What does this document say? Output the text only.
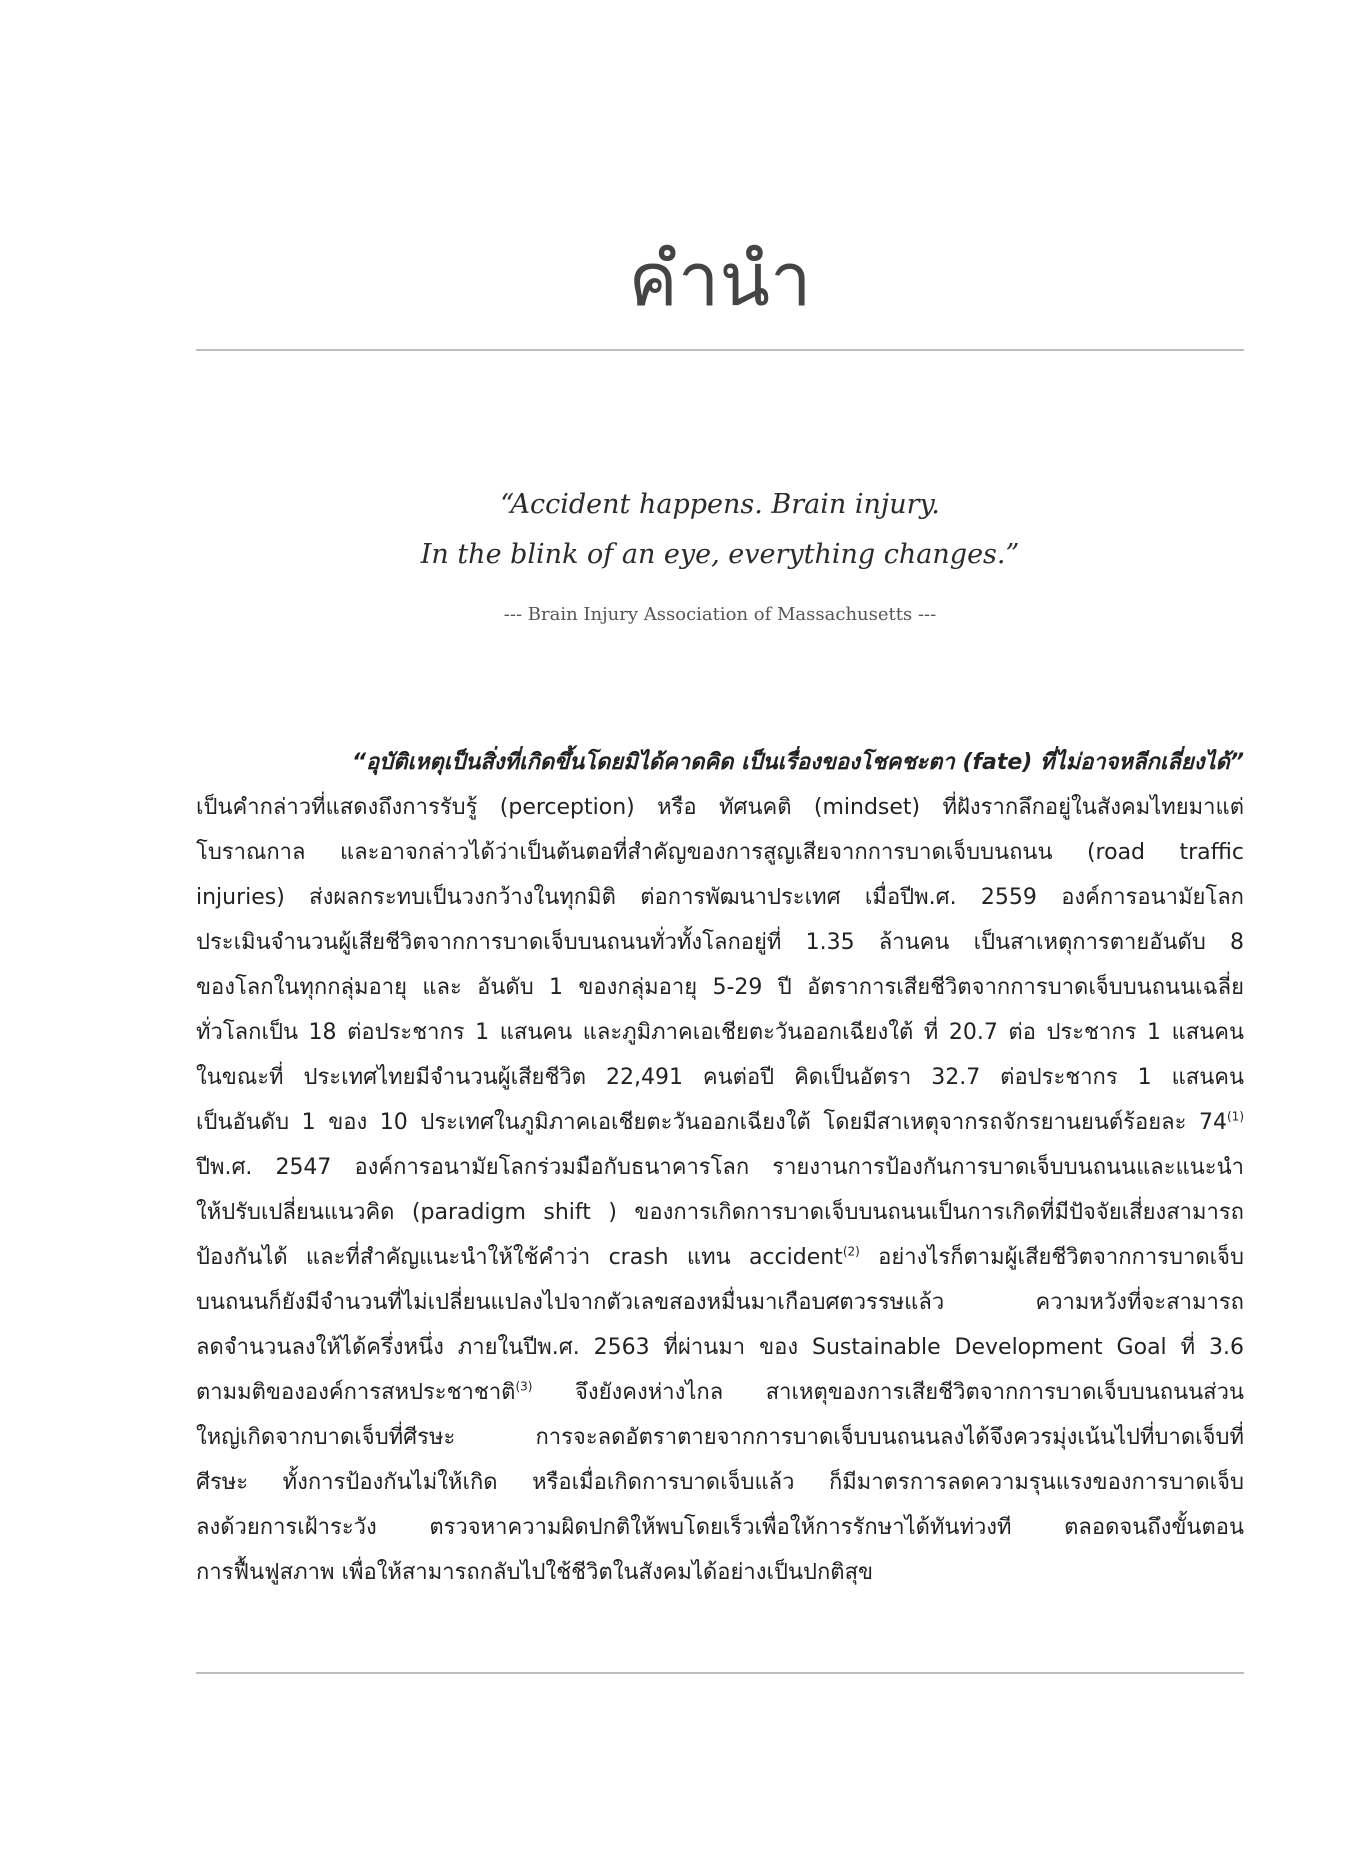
คำนำ
“Accident happens. Brain injury.
In the blink of an eye, everything changes.”
--- Brain Injury Association of Massachusetts ---
“อุบัติเหตุเป็นสิ่งที่เกิดขึ้นโดยมิได้คาดคิด เป็นเรื่องของโชคชะตา (fate) ที่ไม่อาจหลีกเลี่ยงได้”
เป็นคำกล่าวที่แสดงถึงการรับรู้ (perception) หรือ ทัศนคติ (mindset) ที่ฝังรากลึกอยู่ในสังคมไทยมาแต่
โบราณกาล และอาจกล่าวได้ว่าเป็นต้นตอที่สำคัญของการสูญเสียจากการบาดเจ็บบนถนน (road traffic
injuries) ส่งผลกระทบเป็นวงกว้างในทุกมิติ ต่อการพัฒนาประเทศ เมื่อปีพ.ศ. 2559 องค์การอนามัยโลก
ประเมินจำนวนผู้เสียชีวิตจากการบาดเจ็บบนถนนทั่วทั้งโลกอยู่ที่ 1.35 ล้านคน เป็นสาเหตุการตายอันดับ 8
ของโลกในทุกกลุ่มอายุ และ อันดับ 1 ของกลุ่มอายุ 5-29 ปี อัตราการเสียชีวิตจากการบาดเจ็บบนถนนเฉลี่ย
ทั่วโลกเป็น 18 ต่อประชากร 1 แสนคน และภูมิภาคเอเชียตะวันออกเฉียงใต้ ที่ 20.7 ต่อ ประชากร 1 แสนคน
ในขณะที่ ประเทศไทยมีจำนวนผู้เสียชีวิต 22,491 คนต่อปี คิดเป็นอัตรา 32.7 ต่อประชากร 1 แสนคน
เป็นอันดับ 1 ของ 10 ประเทศในภูมิภาคเอเชียตะวันออกเฉียงใต้ โดยมีสาเหตุจากรถจักรยานยนต์ร้อยละ 74$^{(1)}$
ปีพ.ศ. 2547 องค์การอนามัยโลกร่วมมือกับธนาคารโลก รายงานการป้องกันการบาดเจ็บบนถนนและแนะนำ
ให้ปรับเปลี่ยนแนวคิด (paradigm shift ) ของการเกิดการบาดเจ็บบนถนนเป็นการเกิดที่มีปัจจัยเสี่ยงสามารถ
ป้องกันได้ และที่สำคัญแนะนำให้ใช้คำว่า crash แทน accident$^{(2)}$ อย่างไรก็ตามผู้เสียชีวิตจากการบาดเจ็บ
บนถนนก็ยังมีจำนวนที่ไม่เปลี่ยนแปลงไปจากตัวเลขสองหมื่นมาเกือบศตวรรษแล้ว ความหวังที่จะสามารถ
ลดจำนวนลงให้ได้ครึ่งหนึ่ง ภายในปีพ.ศ. 2563 ที่ผ่านมา ของ Sustainable Development Goal ที่ 3.6
ตามมติขององค์การสหประชาชาติ$^{(3)}$ จึงยังคงห่างไกล สาเหตุของการเสียชีวิตจากการบาดเจ็บบนถนนส่วน
ใหญ่เกิดจากบาดเจ็บที่ศีรษะ การจะลดอัตราตายจากการบาดเจ็บบนถนนลงได้จึงควรมุ่งเน้นไปที่บาดเจ็บที่
ศีรษะ ทั้งการป้องกันไม่ให้เกิด หรือเมื่อเกิดการบาดเจ็บแล้ว ก็มีมาตรการลดความรุนแรงของการบาดเจ็บ
ลงด้วยการเฝ้าระวัง ตรวจหาความผิดปกติให้พบโดยเร็วเพื่อให้การรักษาได้ทันท่วงที ตลอดจนถึงขั้นตอน
การฟื้นฟูสภาพ เพื่อให้สามารถกลับไปใช้ชีวิตในสังคมได้อย่างเป็นปกติสุข
